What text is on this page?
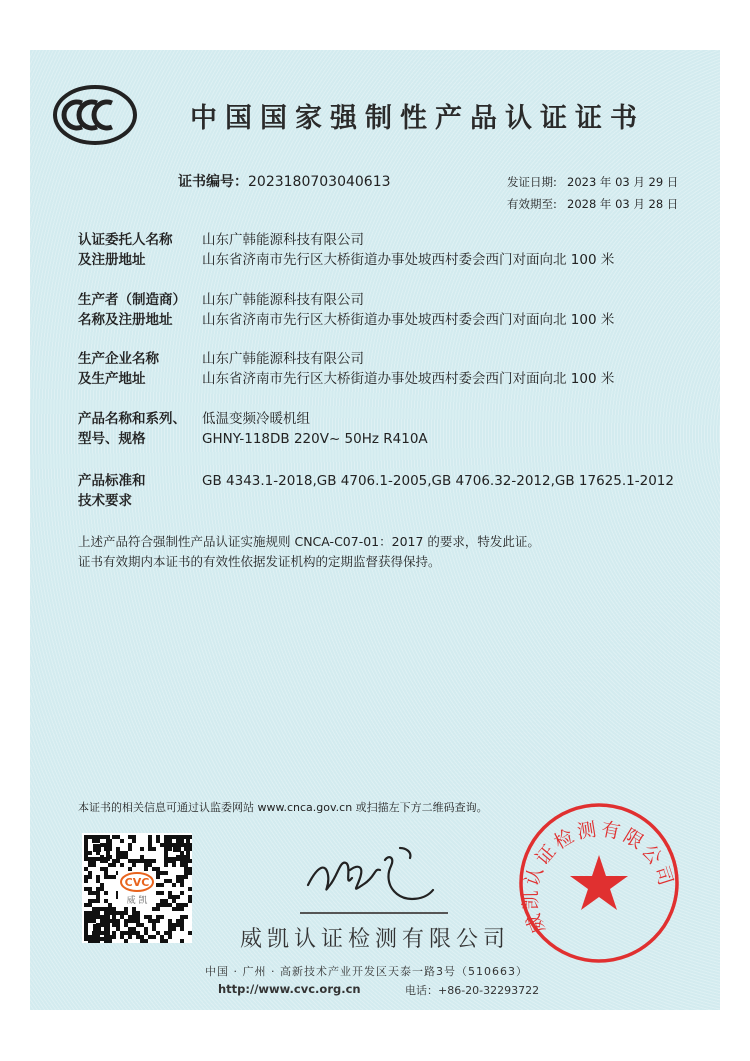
中国国家强制性产品认证证书
证书编号：2023180703040613	发证日期: 2023 年 03 月 29 日
有效期至: 2028 年 03 月 28 日
认证委托人名称
及注册地址
山东广韩能源科技有限公司
山东省济南市先行区大桥街道办事处坡西村委会西门对面向北 100 米
生产者（制造商）
名称及注册地址
山东广韩能源科技有限公司
山东省济南市先行区大桥街道办事处坡西村委会西门对面向北 100 米
生产企业名称
及生产地址
山东广韩能源科技有限公司
山东省济南市先行区大桥街道办事处坡西村委会西门对面向北 100 米
产品名称和系列、
型号、规格
低温变频冷暖机组
GHNY-118DB 220V~ 50Hz R410A
产品标准和
技术要求
GB 4343.1-2018,GB 4706.1-2005,GB 4706.32-2012,GB 17625.1-2012
上述产品符合强制性产品认证实施规则 CNCA-C07-01：2017 的要求，特发此证。
证书有效期内本证书的有效性依据发证机构的定期监督获得保持。
本证书的相关信息可通过认监委网站 www.cnca.gov.cn 或扫描左下方二维码查询。
CVC
威 凯
威凯认证检测有限公司
中国 · 广州 · 高新技术产业开发区天泰一路3号（510663）
http://www.cvc.org.cn	电话：+86-20-32293722
威凯认证检测有限公司
